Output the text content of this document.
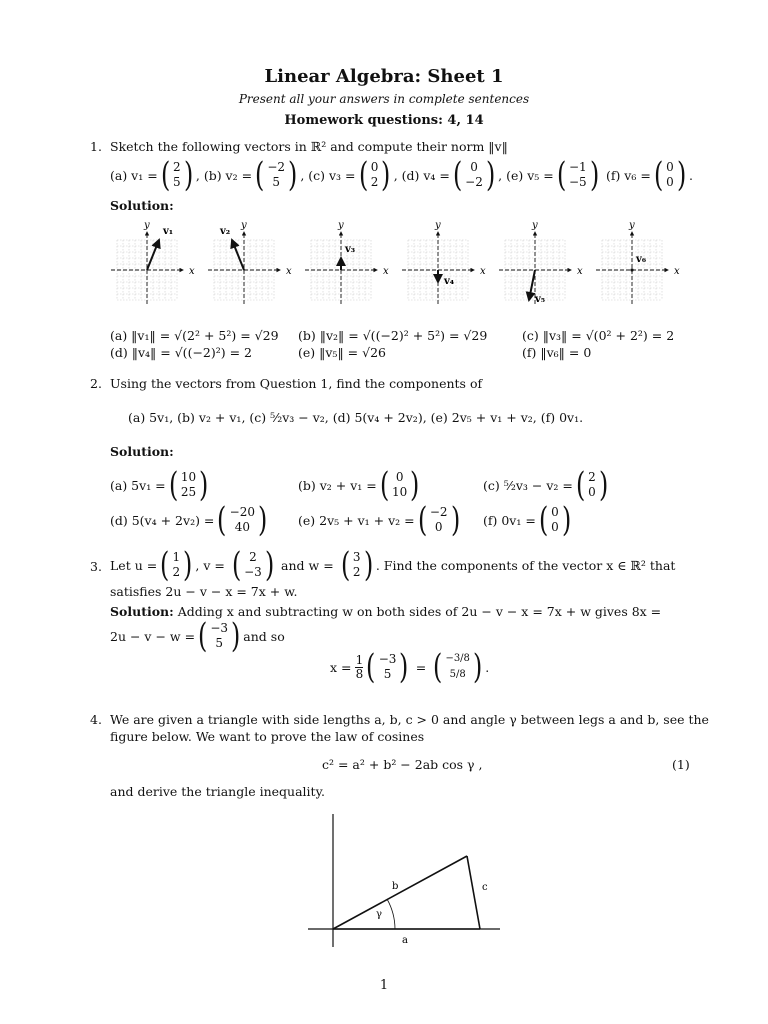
Linear Algebra: Sheet 1
Present all your answers in complete sentences
Homework questions: 4, 14
1. Sketch the following vectors in ℝ² and compute their norm ‖v‖
(a) v₁ = ( 2
5 ) , (b) v₂ = ( −2
5 ) , (c) v₃ = ( 0
2 ) , (d) v₄ = ( 0
−2 ) , (e) v₅ = ( −1
−5 )
(f) v₆ = ( 0
0 ) .
Solution:
x
y
v₁
x
y
v₂
x
y
v₃
x
y
v₄
x
y
v₅
x
y
v₆
(a) ‖v₁‖ = √(2² + 5²) = √29 (b) ‖v₂‖ = √((−2)² + 5²) = √29	(c) ‖v₃‖ = √(0² + 2²) = 2
(d) ‖v₄‖ = √((−2)²) = 2	(e) ‖v₅‖ = √26	(f) ‖v₆‖ = 0
2. Using the vectors from Question 1, find the components of
(a) 5v₁, (b) v₂ + v₁, (c) ⁵⁄₂v₃ − v₂, (d) 5(v₄ + 2v₂), (e) 2v₅ + v₁ + v₂, (f) 0v₁.
Solution:
(a) 5v₁ = ( 10
25 )	(b) v₂ + v₁ = ( 0
10 )	(c) ⁵⁄₂v₃ − v₂ = ( 2
0 )
(d) 5(v₄ + 2v₂) = ( −20
40 ) (e) 2v₅ + v₁ + v₂ = ( −2
0 ) (f) 0v₁ = ( 0
0 )
3. Let u = ( 1
2 ) , v =
( 2
−3 )
and w =
( 3
2 ) . Find the components of the vector x ∈ ℝ² that
satisfies 2u − v − x = 7x + w.
Solution: Adding x and subtracting w on both sides of 2u − v − x = 7x + w gives 8x =
2u − v − w = ( −3
5 ) and so
x =
$\frac{1}{8}$ ( −3
5 )
=
( −3/8
5/8 ) .
4. We are given a triangle with side lengths a, b, c > 0 and angle γ between legs a and b, see the
figure below. We want to prove the law of cosines
c² = a² + b² − 2ab cos γ ,	(1)
and derive the triangle inequality.
b	c
γ
a
1
